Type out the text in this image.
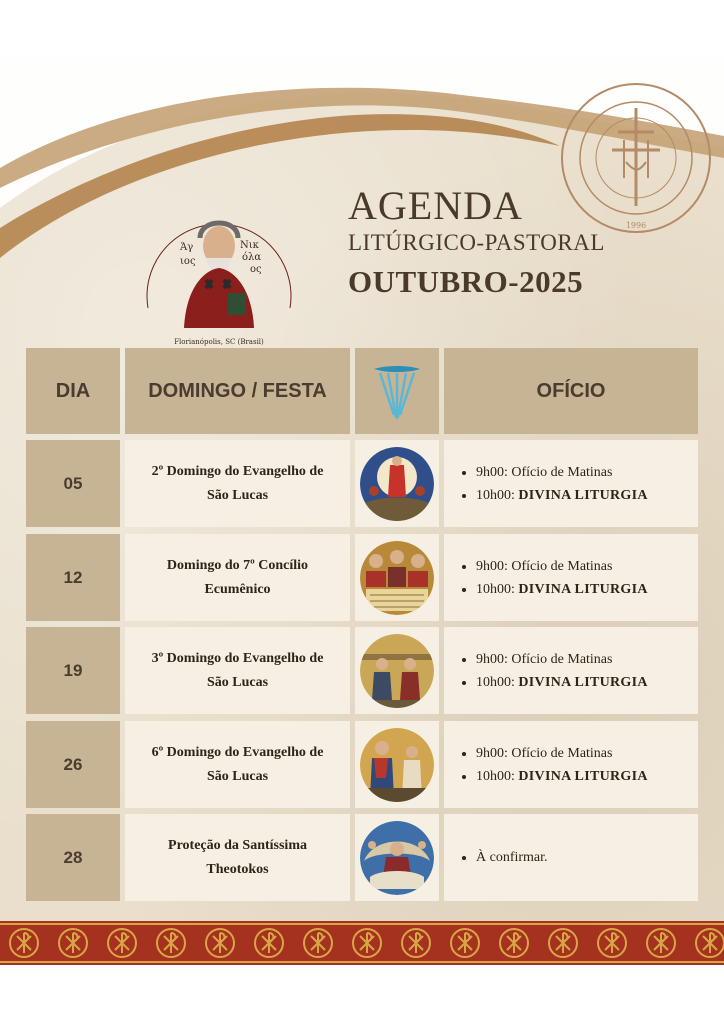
1996
Άγ
ιος
Νικ
όλα
ος
Florianópolis, SC (Brasil)
AGENDA
LITÚRGICO-PASTORAL
OUTUBRO-2025
DIA	DOMINGO / FESTA	OFÍCIO
05
2º Domingo do Evangelho de
São Lucas
• 9h00: Ofício de Matinas
• 10h00: DIVINA LITURGIA
12
Domingo do 7º Concílio
Ecumênico
• 9h00: Ofício de Matinas
• 10h00: DIVINA LITURGIA
19
3º Domingo do Evangelho de
São Lucas
• 9h00: Ofício de Matinas
• 10h00: DIVINA LITURGIA
26
6º Domingo do Evangelho de
São Lucas
• 9h00: Ofício de Matinas
• 10h00: DIVINA LITURGIA
28
Proteção da Santíssima
Theotokos
• À confirmar.
